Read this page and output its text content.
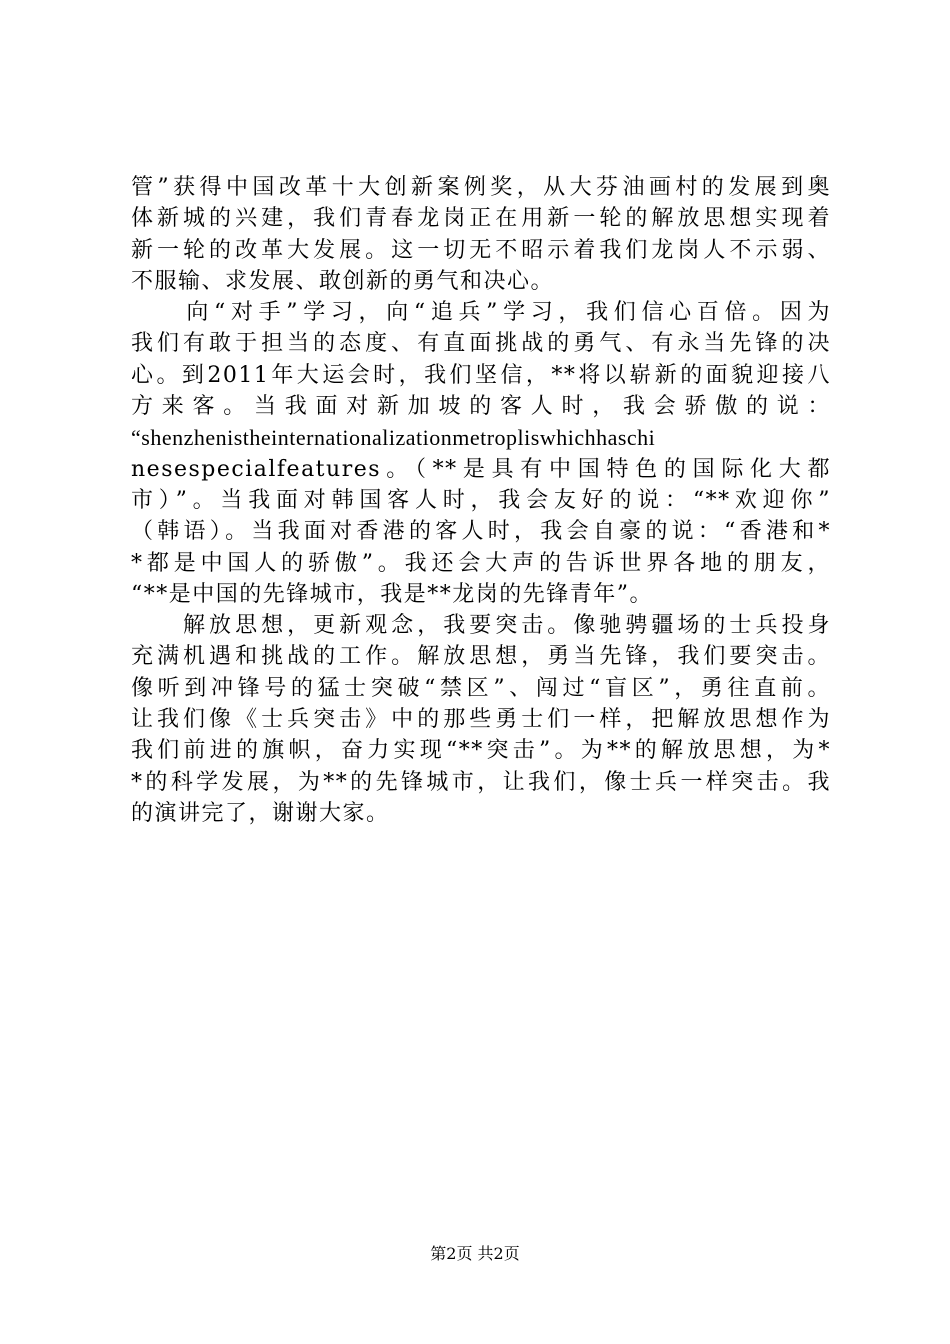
管”获得中国改革十大创新案例奖，从大芬油画村的发展到奥
体新城的兴建，我们青春龙岗正在用新一轮的解放思想实现着
新一轮的改革大发展。这一切无不昭示着我们龙岗人不示弱、
不服输、求发展、敢创新的勇气和决心。
　　向“对手”学习，向“追兵”学习，我们信心百倍。因为
我们有敢于担当的态度、有直面挑战的勇气、有永当先锋的决
心。到2011年大运会时，我们坚信，**将以崭新的面貌迎接八
方来客。当我面对新加坡的客人时，我会骄傲的说：
“shenzhenistheinternationalizationmetropliswhichhaschi
nesespecialfeatures。（**是具有中国特色的国际化大都
市）”。当我面对韩国客人时，我会友好的说：“**欢迎你”
（韩语）。当我面对香港的客人时，我会自豪的说：“香港和*
*都是中国人的骄傲”。我还会大声的告诉世界各地的朋友，
“**是中国的先锋城市，我是**龙岗的先锋青年”。
　　解放思想，更新观念，我要突击。像驰骋疆场的士兵投身
充满机遇和挑战的工作。解放思想，勇当先锋，我们要突击。
像听到冲锋号的猛士突破“禁区”、闯过“盲区”，勇往直前。
让我们像《士兵突击》中的那些勇士们一样，把解放思想作为
我们前进的旗帜，奋力实现“**突击”。为**的解放思想，为*
*的科学发展，为**的先锋城市，让我们，像士兵一样突击。我
的演讲完了，谢谢大家。
第2页 共2页
